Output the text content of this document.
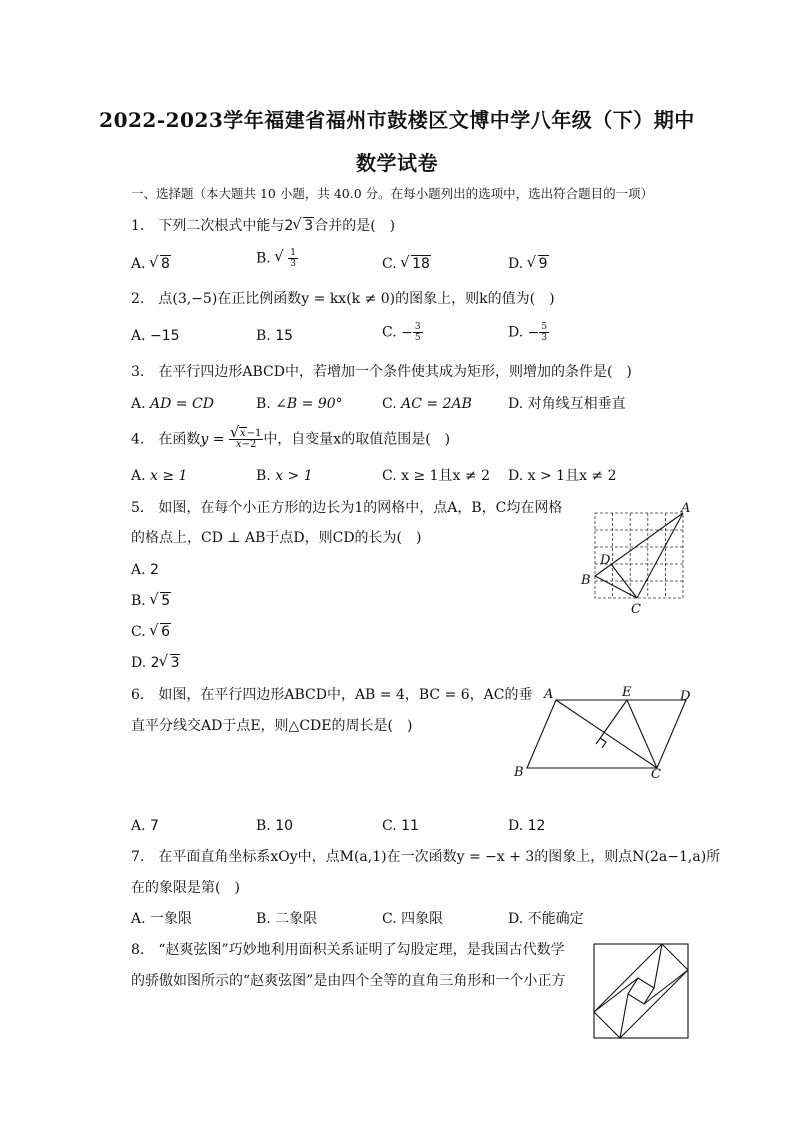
2022-2023学年福建省福州市鼓楼区文博中学八年级（下）期中
数学试卷
一、选择题（本大题共 10 小题，共 40.0 分。在每小题列出的选项中，选出符合题目的一项）
1.　下列二次根式中能与2 √ 3合并的是(　)
A. √ 8	B. √ $\frac{1}{3}$	C. √ 18	D. √ 9
2.　点(3,−5)在正比例函数y = kx(k ≠ 0)的图象上，则k的值为(　)
A. −15	B. 15	C. − $\frac{3}{5}$	D. − $\frac{5}{3}$
3.　在平行四边形ABCD中，若增加一个条件使其成为矩形，则增加的条件是(　)
A. AD = CD	B. ∠B = 90°	C. AC = 2AB	D. 对角线互相垂直
4.　在函数y = √ $\frac{x-1}{x-2}$ 中，自变量x的取值范围是(　)
A. x ≥ 1	B. x > 1	C. x ≥ 1且x ≠ 2 D. x > 1且x ≠ 2
5.　如图，在每个小正方形的边长为1的网格中，点A，B，C均在网格
的格点上，CD ⊥ AB于点D，则CD的长为(　)
A. 2
B. √ 5
C. √ 6
D. 2 √ 3
A
B
C
D
6.　如图，在平行四边形ABCD中，AB = 4，BC = 6，AC的垂
直平分线交AD于点E，则△CDE的周长是(　)
A	E	D
B	C
A. 7	B. 10	C. 11	D. 12
7.　在平面直角坐标系xOy中，点M(a,1)在一次函数y = −x + 3的图象上，则点N(2a−1,a)所
在的象限是第(　)
A. 一象限	B. 二象限	C. 四象限	D. 不能确定
8.　“赵爽弦图”巧妙地利用面积关系证明了勾股定理，是我国古代数学
的骄傲如图所示的“赵爽弦图”是由四个全等的直角三角形和一个小正方
